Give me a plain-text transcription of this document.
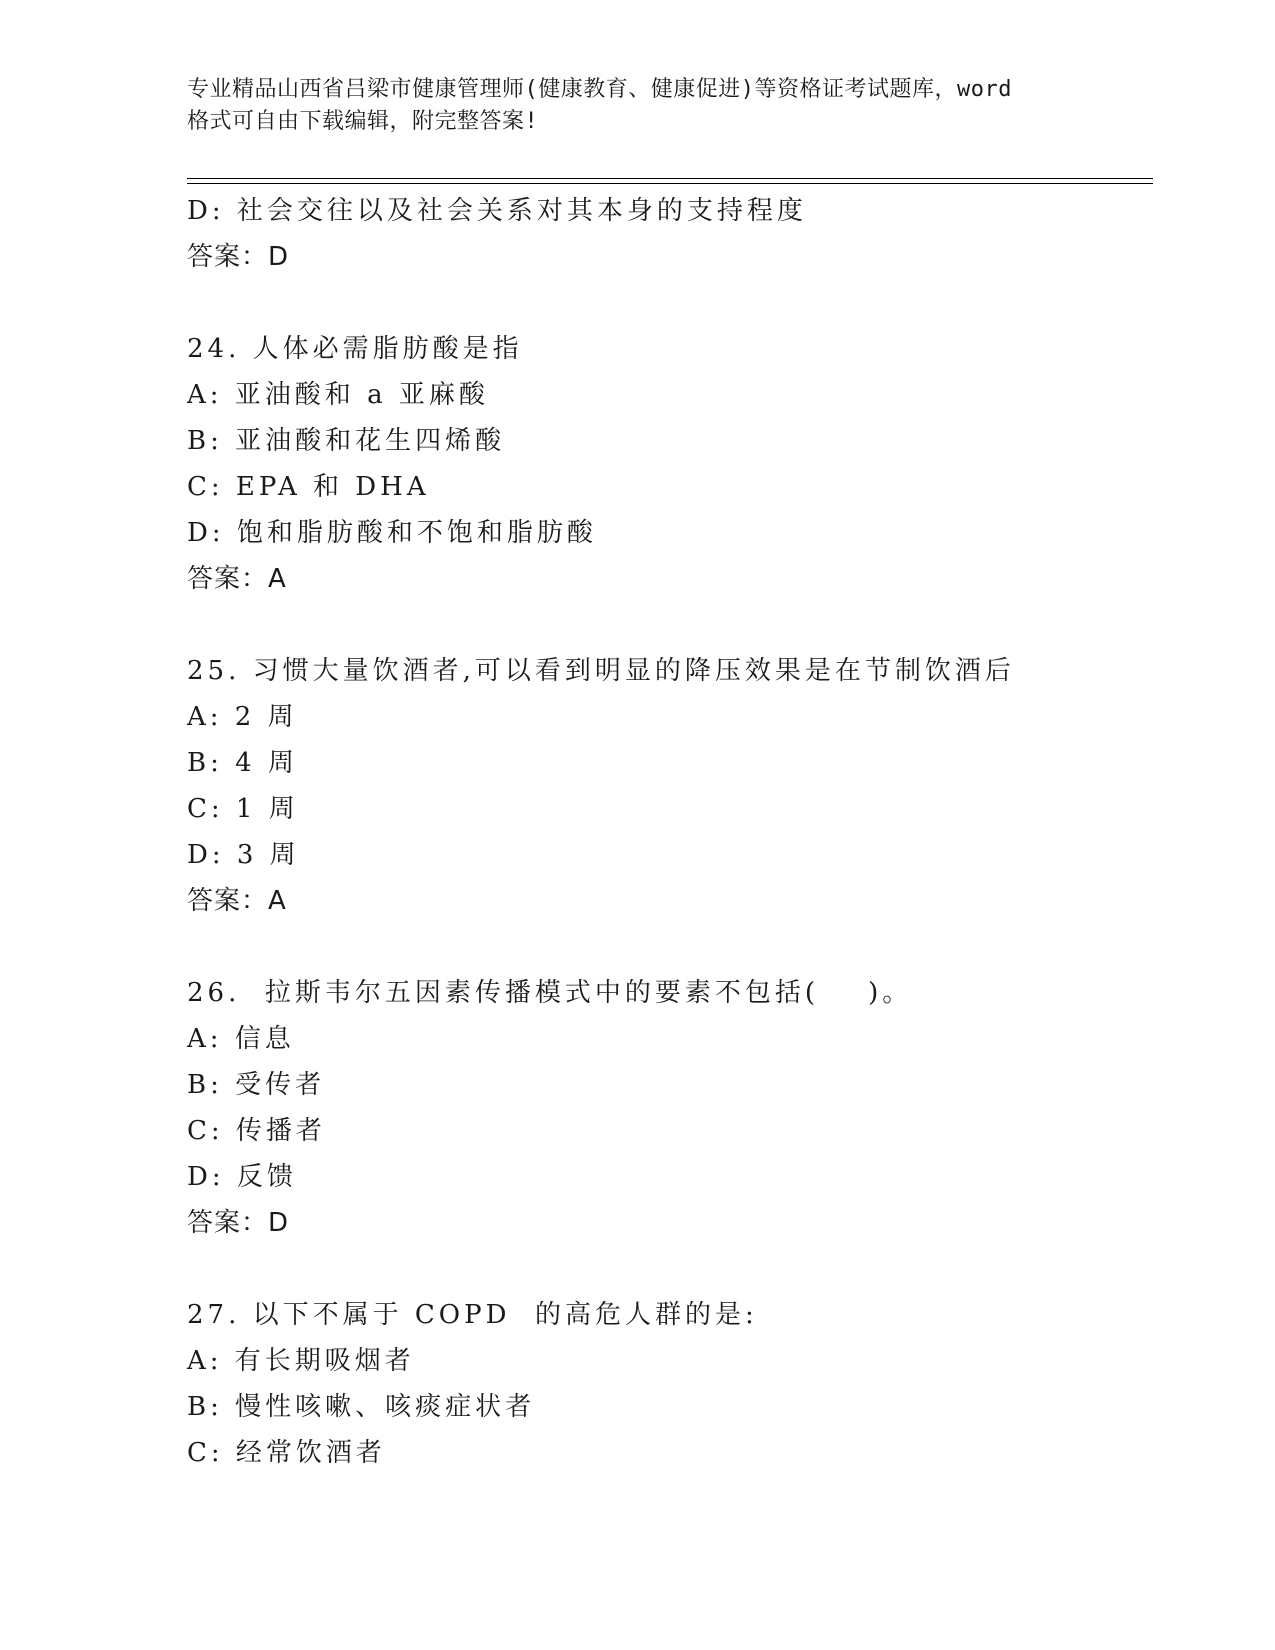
专业精品山西省吕梁市健康管理师(健康教育、健康促进)等资格证考试题库，word
格式可自由下载编辑，附完整答案!
D: 社会交往以及社会关系对其本身的支持程度
答案：D
24. 人体必需脂肪酸是指
A: 亚油酸和 a 亚麻酸
B: 亚油酸和花生四烯酸
C: EPA 和 DHA
D: 饱和脂肪酸和不饱和脂肪酸
答案：A
25. 习惯大量饮酒者,可以看到明显的降压效果是在节制饮酒后
A: 2 周
B: 4 周
C: 1 周
D: 3 周
答案：A
26.  拉斯韦尔五因素传播模式中的要素不包括(    )。
A: 信息
B: 受传者
C: 传播者
D: 反馈
答案：D
27. 以下不属于 COPD  的高危人群的是:
A: 有长期吸烟者
B: 慢性咳嗽、咳痰症状者
C: 经常饮酒者
